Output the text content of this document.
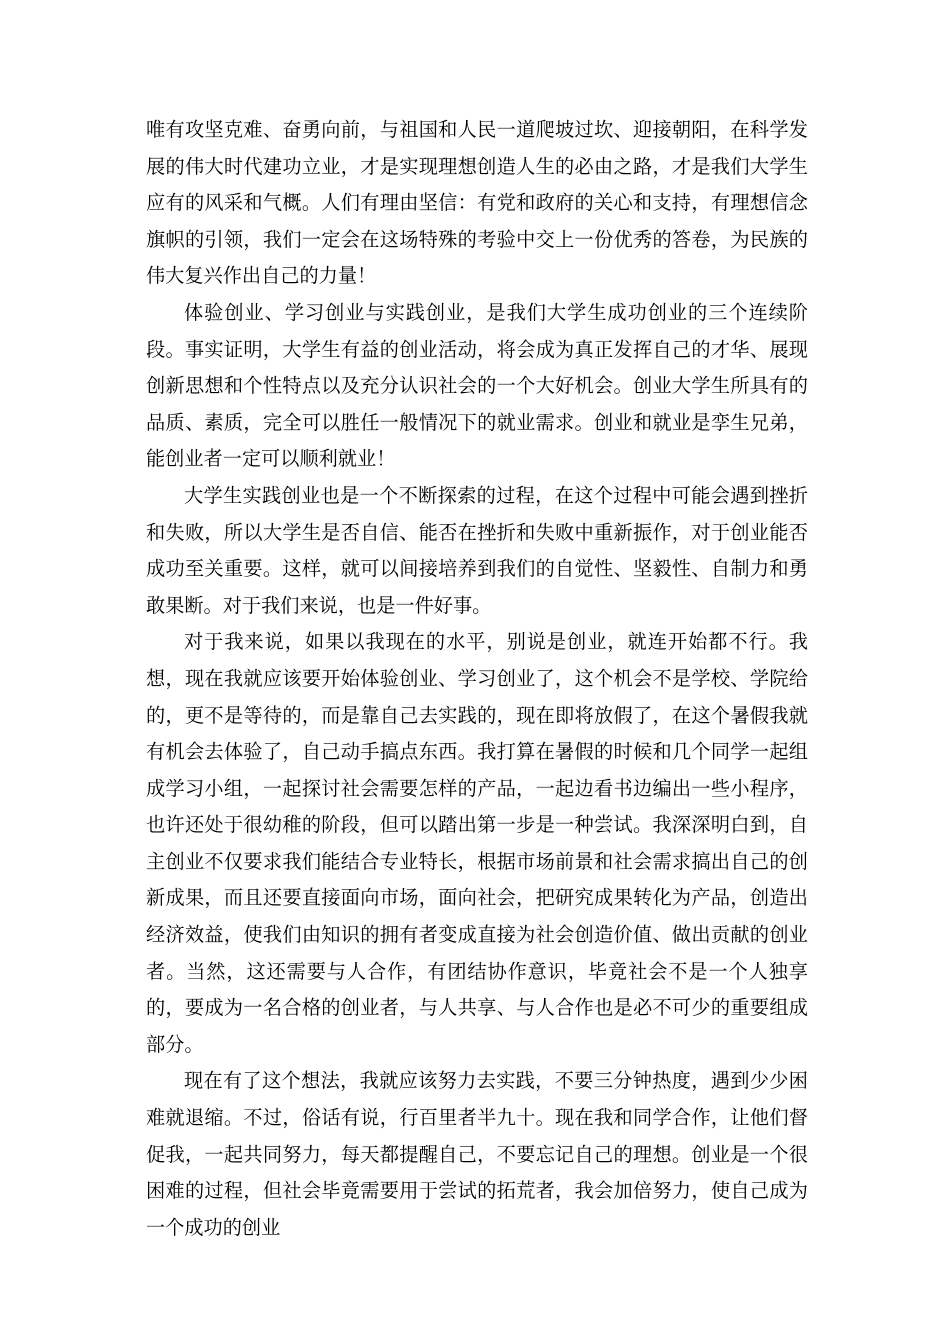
唯有攻坚克难、奋勇向前，与祖国和人民一道爬坡过坎、迎接朝阳，在科学发展的伟大时代建功立业，才是实现理想创造人生的必由之路，才是我们大学生应有的风采和气概。人们有理由坚信：有党和政府的关心和支持，有理想信念旗帜的引领，我们一定会在这场特殊的考验中交上一份优秀的答卷，为民族的伟大复兴作出自己的力量！

体验创业、学习创业与实践创业，是我们大学生成功创业的三个连续阶段。事实证明，大学生有益的创业活动，将会成为真正发挥自己的才华、展现创新思想和个性特点以及充分认识社会的一个大好机会。创业大学生所具有的品质、素质，完全可以胜任一般情况下的就业需求。创业和就业是孪生兄弟，能创业者一定可以顺利就业！

大学生实践创业也是一个不断探索的过程，在这个过程中可能会遇到挫折和失败，所以大学生是否自信、能否在挫折和失败中重新振作，对于创业能否成功至关重要。这样，就可以间接培养到我们的自觉性、坚毅性、自制力和勇敢果断。对于我们来说，也是一件好事。

对于我来说，如果以我现在的水平，别说是创业，就连开始都不行。我想，现在我就应该要开始体验创业、学习创业了，这个机会不是学校、学院给的，更不是等待的，而是靠自己去实践的，现在即将放假了，在这个暑假我就有机会去体验了，自己动手搞点东西。我打算在暑假的时候和几个同学一起组成学习小组，一起探讨社会需要怎样的产品，一起边看书边编出一些小程序，也许还处于很幼稚的阶段，但可以踏出第一步是一种尝试。我深深明白到，自主创业不仅要求我们能结合专业特长，根据市场前景和社会需求搞出自己的创新成果，而且还要直接面向市场，面向社会，把研究成果转化为产品，创造出经济效益，使我们由知识的拥有者变成直接为社会创造价值、做出贡献的创业者。当然，这还需要与人合作，有团结协作意识，毕竟社会不是一个人独享的，要成为一名合格的创业者，与人共享、与人合作也是必不可少的重要组成部分。

现在有了这个想法，我就应该努力去实践，不要三分钟热度，遇到少少困难就退缩。不过，俗话有说，行百里者半九十。现在我和同学合作，让他们督促我，一起共同努力，每天都提醒自己，不要忘记自己的理想。创业是一个很困难的过程，但社会毕竟需要用于尝试的拓荒者，我会加倍努力，使自己成为一个成功的创业
